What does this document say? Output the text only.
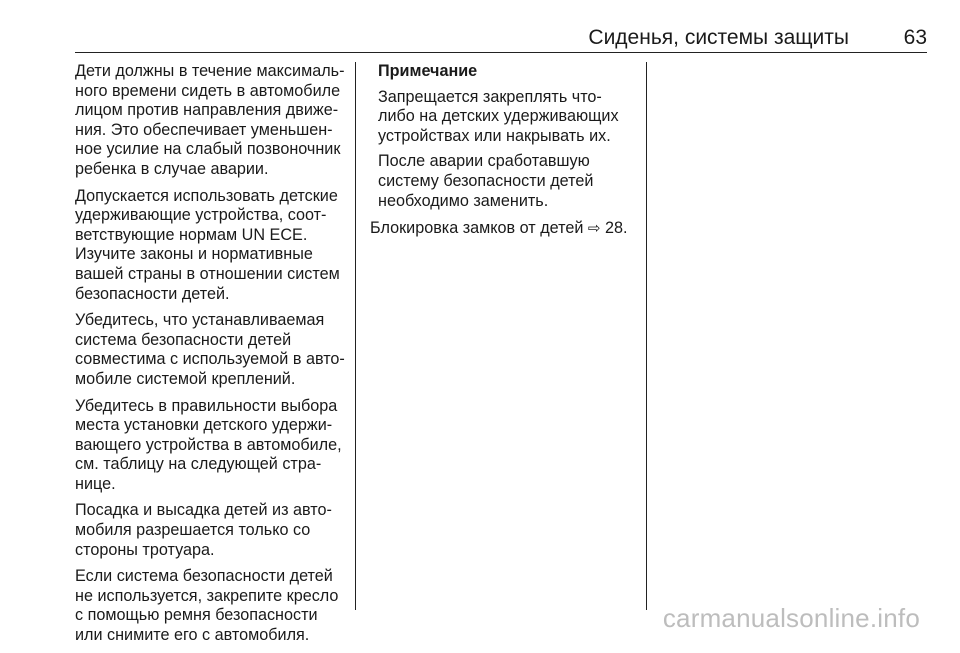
Сиденья, системы защиты	63

Дети должны в течение максималь‐ного времени сидеть в автомобиле лицом против направления движе‐ния. Это обеспечивает уменьшен‐ное усилие на слабый позвоночник ребенка в случае аварии.

Допускается использовать детские удерживающие устройства, соот‐ветствующие нормам UN ECE. Изучите законы и нормативные вашей страны в отношении систем безопасности детей.

Убедитесь, что устанавливаемая система безопасности детей совместима с используемой в авто‐мобиле системой креплений.

Убедитесь в правильности выбора места установки детского удержи‐вающего устройства в автомобиле, см. таблицу на следующей стра‐нице.

Посадка и высадка детей из авто‐мобиля разрешается только со стороны тротуара.

Если система безопасности детей не используется, закрепите кресло с помощью ремня безопасности или снимите его с автомобиля.

Примечание

Запрещается закреплять что-либо на детских удерживающих устройствах или накрывать их.

После аварии сработавшую систему безопасности детей необходимо заменить.

Блокировка замков от детей ⇨ 28.

carmanualsonline.info
